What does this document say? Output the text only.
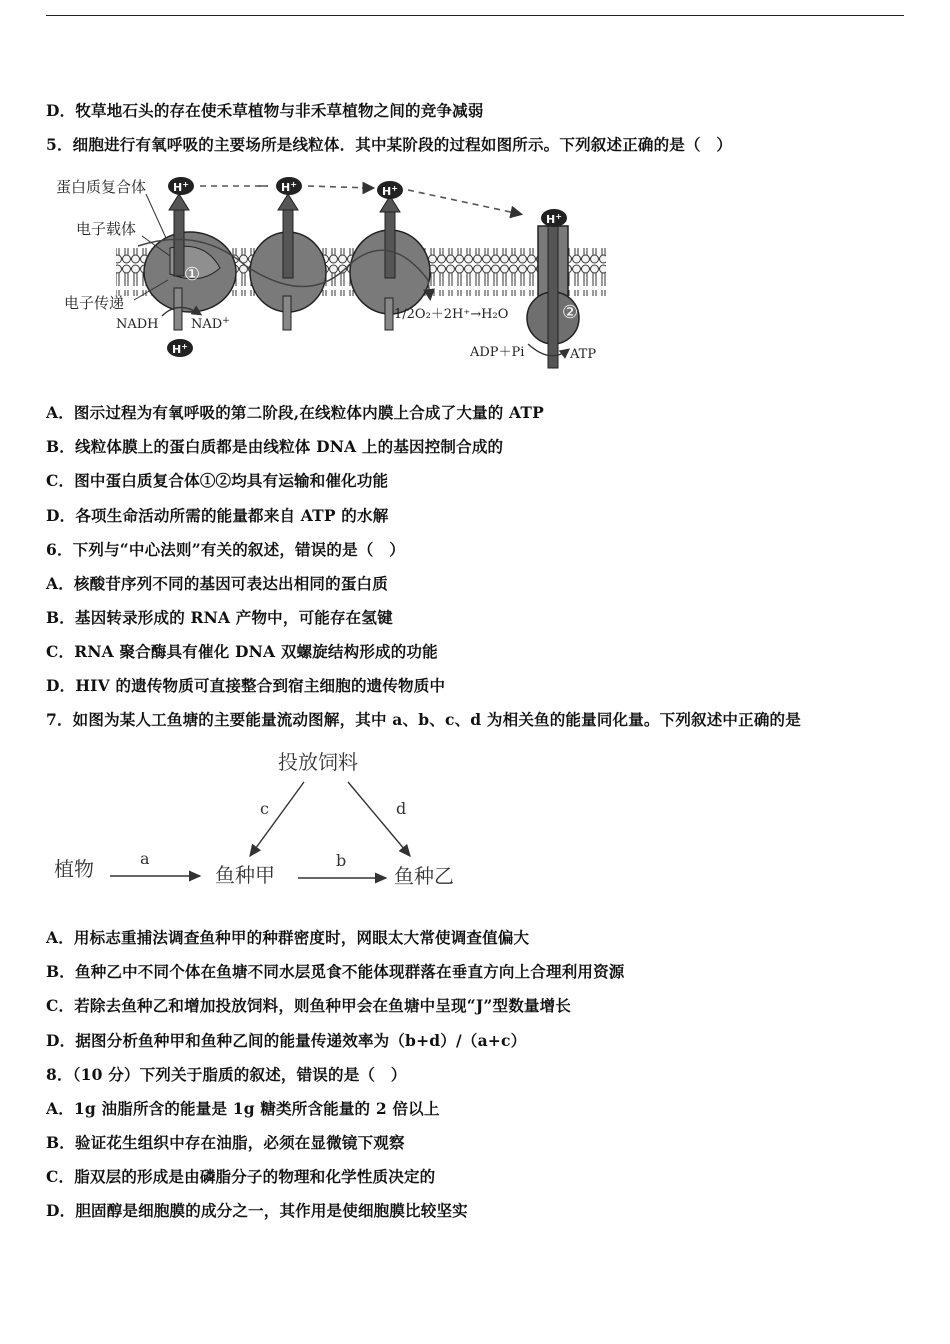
D．牧草地石头的存在使禾草植物与非禾草植物之间的竞争减弱
5．细胞进行有氧呼吸的主要场所是线粒体．其中某阶段的过程如图所示。下列叙述正确的是（　）
①
②
H+	H+
H+
H+
H+
蛋白质复合体
电子载体
电子传递
NADH NAD+	1/2O₂＋2H⁺→H₂O
ADP＋Pi	ATP
A．图示过程为有氧呼吸的第二阶段,在线粒体内膜上合成了大量的 ATP
B．线粒体膜上的蛋白质都是由线粒体 DNA 上的基因控制合成的
C．图中蛋白质复合体①②均具有运输和催化功能
D．各项生命活动所需的能量都来自 ATP 的水解
6．下列与“中心法则”有关的叙述，错误的是（　）
A．核酸苷序列不同的基因可表达出相同的蛋白质
B．基因转录形成的 RNA 产物中，可能存在氢键
C．RNA 聚合酶具有催化 DNA 双螺旋结构形成的功能
D．HIV 的遗传物质可直接整合到宿主细胞的遗传物质中
7．如图为某人工鱼塘的主要能量流动图解，其中 a、b、c、d 为相关鱼的能量同化量。下列叙述中正确的是
投放饲料
植物	鱼种甲	鱼种乙
a	b
c	d
A．用标志重捕法调查鱼种甲的种群密度时，网眼太大常使调查值偏大
B．鱼种乙中不同个体在鱼塘不同水层觅食不能体现群落在垂直方向上合理利用资源
C．若除去鱼种乙和增加投放饲料，则鱼种甲会在鱼塘中呈现“J”型数量增长
D．据图分析鱼种甲和鱼种乙间的能量传递效率为（b+d）/（a+c）
8．（10 分）下列关于脂质的叙述，错误的是（　）
A．1g 油脂所含的能量是 1g 糖类所含能量的 2 倍以上
B．验证花生组织中存在油脂，必须在显微镜下观察
C．脂双层的形成是由磷脂分子的物理和化学性质决定的
D．胆固醇是细胞膜的成分之一，其作用是使细胞膜比较坚实
